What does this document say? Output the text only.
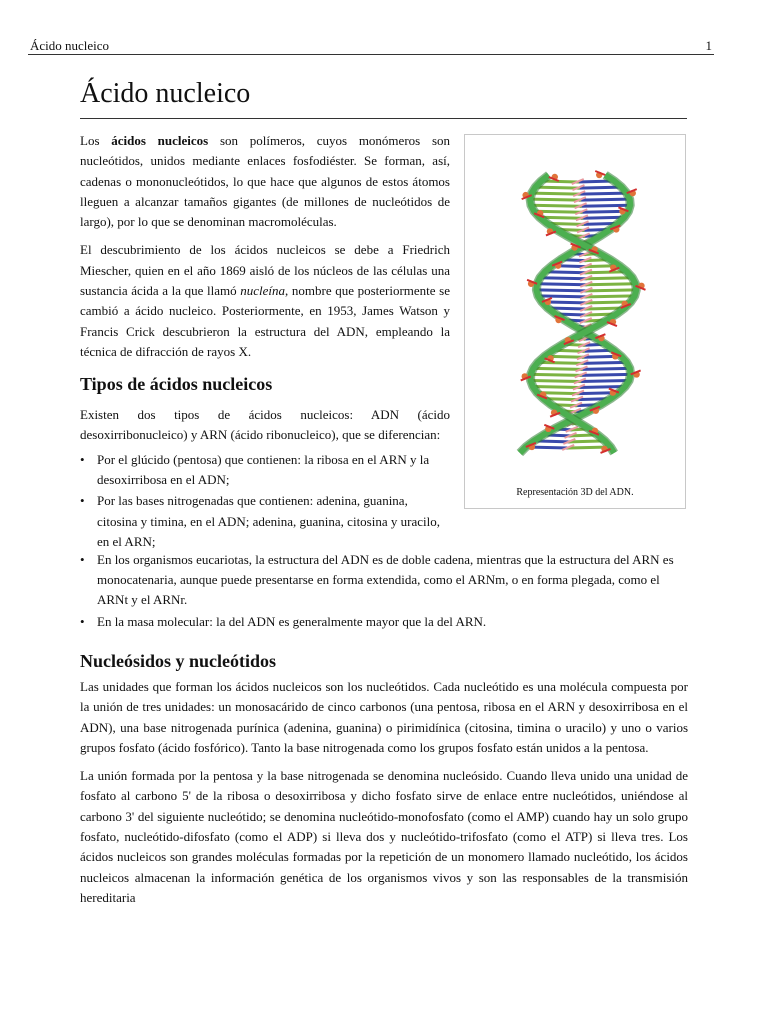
Ácido nucleico	1
Ácido nucleico

Los ácidos nucleicos son polímeros, cuyos monómeros son nucleótidos, unidos mediante enlaces fosfodiéster. Se forman, así, cadenas o mononucleótidos, lo que hace que algunos de estos átomos lleguen a alcanzar tamaños gigantes (de millones de nucleótidos de largo), por lo que se denominan macromoléculas.

El descubrimiento de los ácidos nucleicos se debe a Friedrich Miescher, quien en el año 1869 aisló de los núcleos de las células una sustancia ácida a la que llamó nucleína, nombre que posteriormente se cambió a ácido nucleico. Posteriormente, en 1953, James Watson y Francis Crick descubrieron la estructura del ADN, empleando la técnica de difracción de rayos X.

Tipos de ácidos nucleicos

Existen dos tipos de ácidos nucleicos: ADN (ácido desoxirribonucleico) y ARN (ácido ribonucleico), que se diferencian:

• Por el glúcido (pentosa) que contienen: la ribosa en el ARN y la desoxirribosa en el ADN;
• Por las bases nitrogenadas que contienen: adenina, guanina, citosina y timina, en el ADN; adenina, guanina, citosina y uracilo, en el ARN;
• En los organismos eucariotas, la estructura del ADN es de doble cadena, mientras que la estructura del ARN es monocatenaria, aunque puede presentarse en forma extendida, como el ARNm, o en forma plegada, como el ARNt y el ARNr.
• En la masa molecular: la del ADN es generalmente mayor que la del ARN.
Nucleósidos y nucleótidos

Las unidades que forman los ácidos nucleicos son los nucleótidos. Cada nucleótido es una molécula compuesta por la unión de tres unidades: un monosacárido de cinco carbonos (una pentosa, ribosa en el ARN y desoxirribosa en el ADN), una base nitrogenada purínica (adenina, guanina) o pirimidínica (citosina, timina o uracilo) y uno o varios grupos fosfato (ácido fosfórico). Tanto la base nitrogenada como los grupos fosfato están unidos a la pentosa.

La unión formada por la pentosa y la base nitrogenada se denomina nucleósido. Cuando lleva unido una unidad de fosfato al carbono 5' de la ribosa o desoxirribosa y dicho fosfato sirve de enlace entre nucleótidos, uniéndose al carbono 3' del siguiente nucleótido; se denomina nucleótido-monofosfato (como el AMP) cuando hay un solo grupo fosfato, nucleótido-difosfato (como el ADP) si lleva dos y nucleótido-trifosfato (como el ATP) si lleva tres. Los ácidos nucleicos son grandes moléculas formadas por la repetición de un monomero llamado nucleótido, los ácidos nucleicos almacenan la información genética de los organismos vivos y son las responsables de la transmisión hereditaria

Representación 3D del ADN.
